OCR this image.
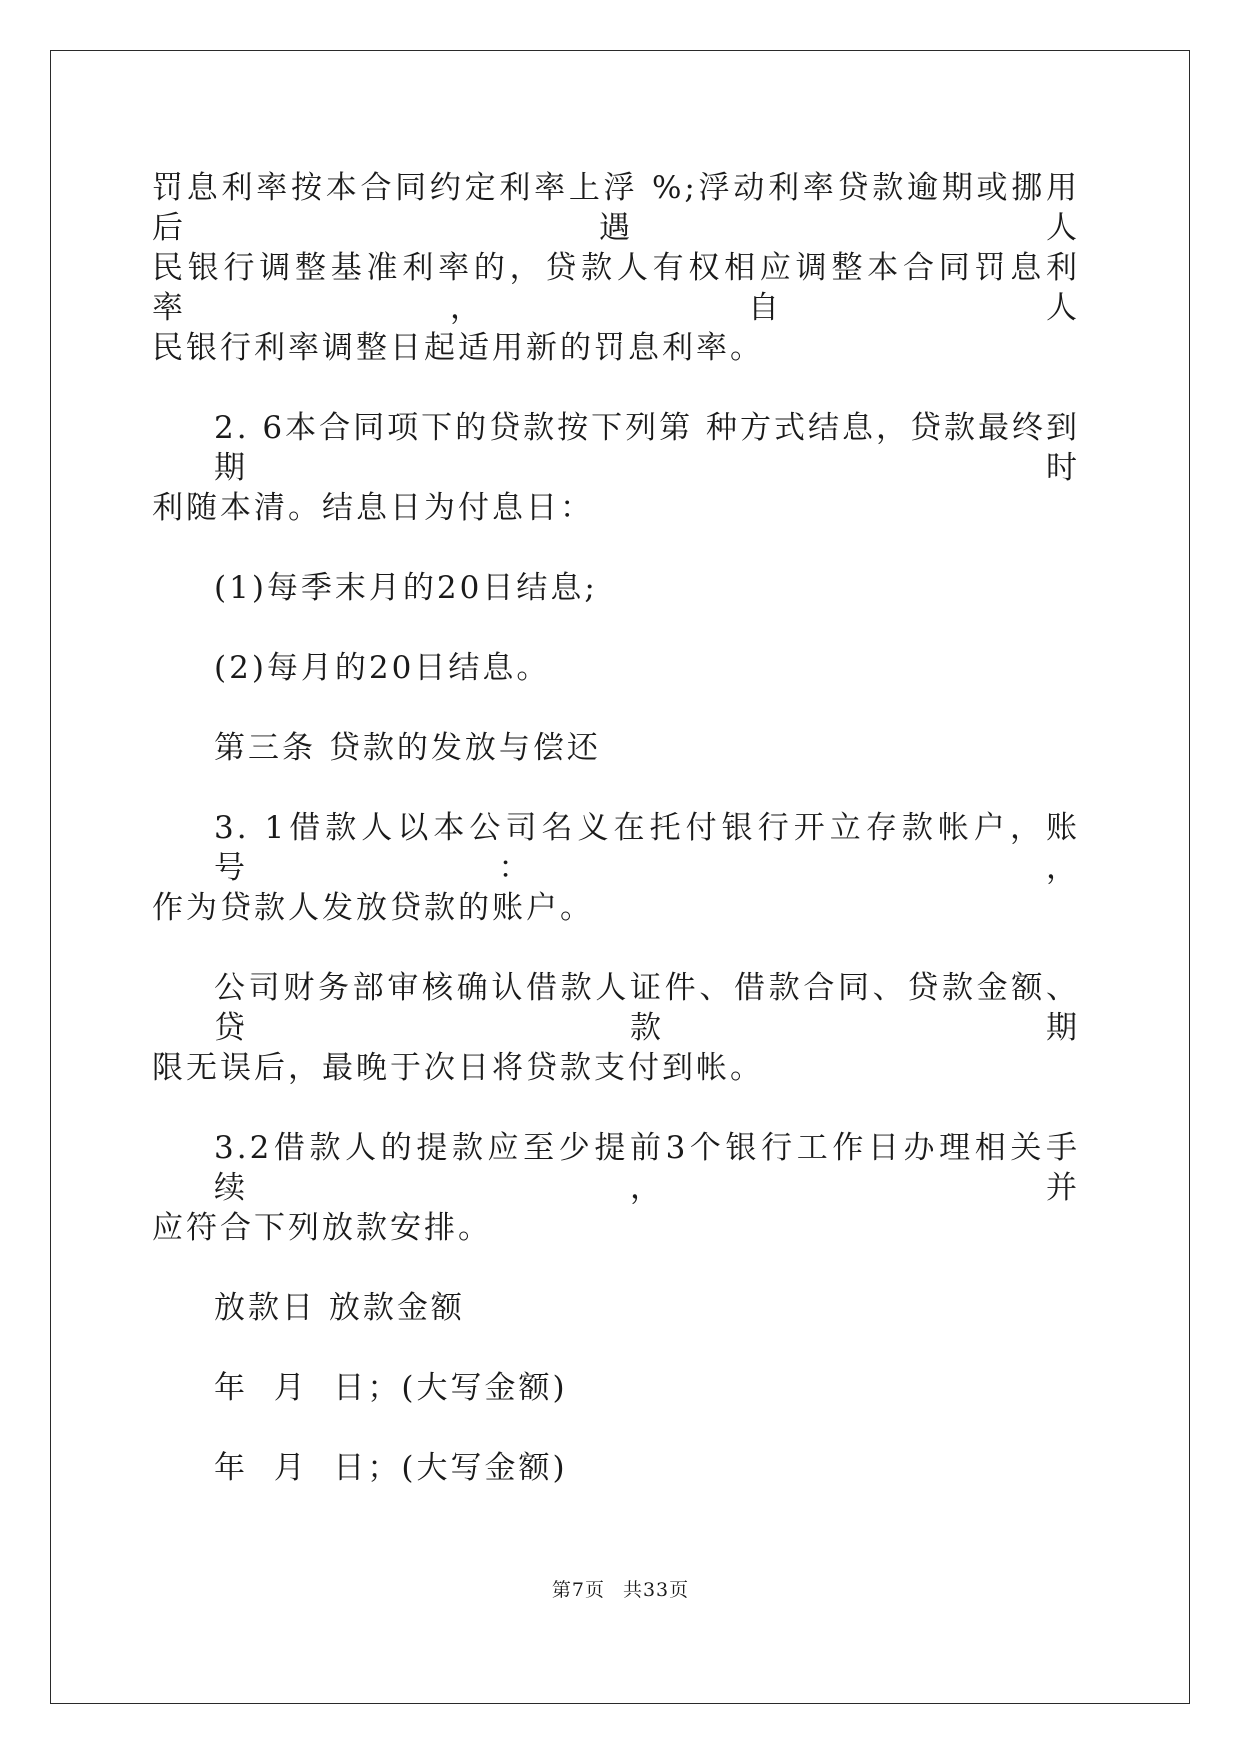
罚息利率按本合同约定利率上浮 %;浮动利率贷款逾期或挪用后遇人
民银行调整基准利率的，贷款人有权相应调整本合同罚息利率，自人
民银行利率调整日起适用新的罚息利率。
2. 6本合同项下的贷款按下列第 种方式结息，贷款最终到期时
利随本清。结息日为付息日：
(1)每季末月的20日结息;
(2)每月的20日结息。
第三条 贷款的发放与偿还
3. 1借款人以本公司名义在托付银行开立存款帐户，账号： ，
作为贷款人发放贷款的账户。
公司财务部审核确认借款人证件、借款合同、贷款金额、贷款期
限无误后，最晚于次日将贷款支付到帐。
3.2借款人的提款应至少提前3个银行工作日办理相关手续，并
应符合下列放款安排。
放款日 放款金额
年  月  日；(大写金额)
年  月  日；(大写金额)
第7页 共33页
